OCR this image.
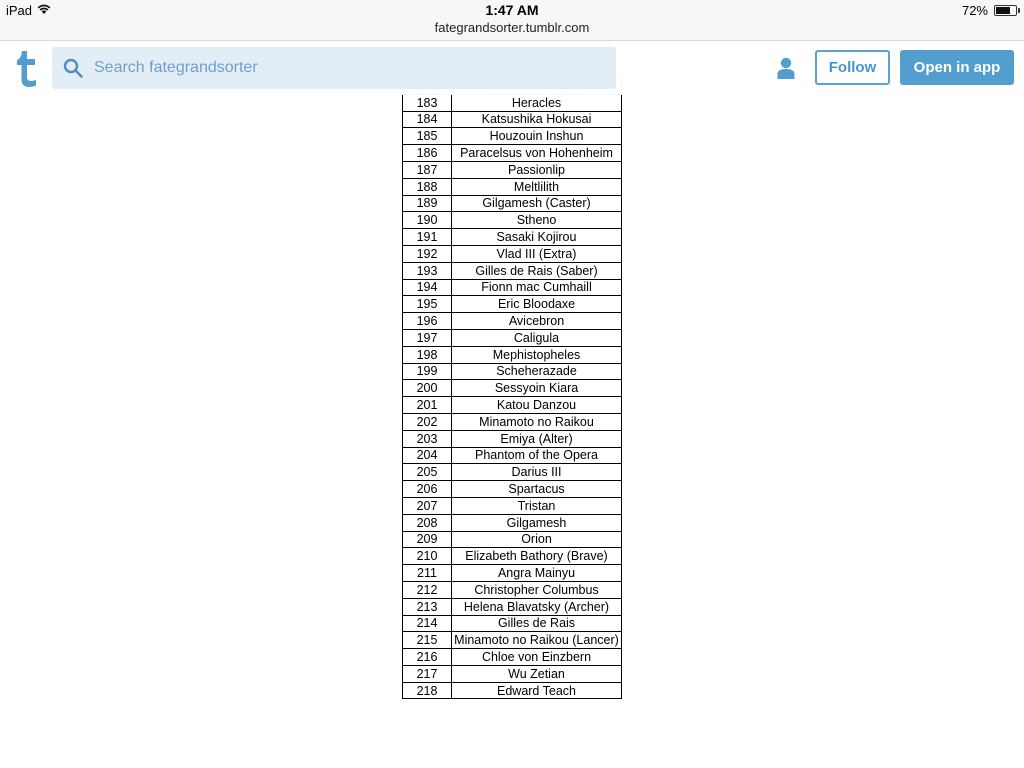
iPad	1:47 AM
fategrandsorter.tumblr.com
72%
Search fategrandsorter
Follow	Open in app

183	Heracles
184	Katsushika Hokusai
185	Houzouin Inshun
186	Paracelsus von Hohenheim
187	Passionlip
188	Meltlilith
189	Gilgamesh (Caster)
190	Stheno
191	Sasaki Kojirou
192	Vlad III (Extra)
193	Gilles de Rais (Saber)
194	Fionn mac Cumhaill
195	Eric Bloodaxe
196	Avicebron
197	Caligula
198	Mephistopheles
199	Scheherazade
200	Sessyoin Kiara
201	Katou Danzou
202	Minamoto no Raikou
203	Emiya (Alter)
204	Phantom of the Opera
205	Darius III
206	Spartacus
207	Tristan
208	Gilgamesh
209	Orion
210	Elizabeth Bathory (Brave)
211	Angra Mainyu
212	Christopher Columbus
213	Helena Blavatsky (Archer)
214	Gilles de Rais
215	Minamoto no Raikou (Lancer)
216	Chloe von Einzbern
217	Wu Zetian
218	Edward Teach
